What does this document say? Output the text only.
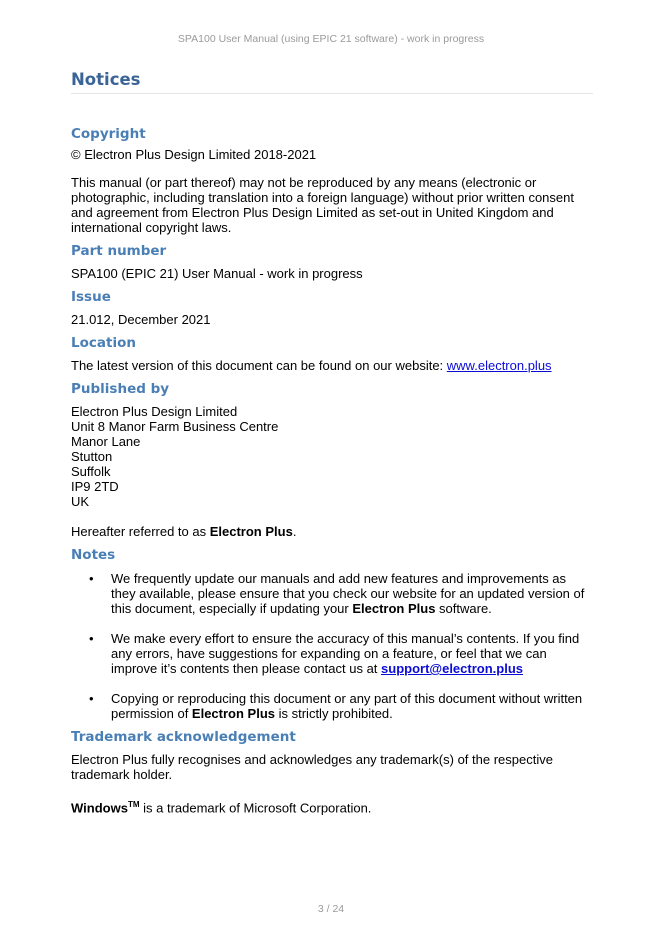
SPA100 User Manual (using EPIC 21 software) - work in progress
Notices
Copyright

© Electron Plus Design Limited 2018-2021

This manual (or part thereof) may not be reproduced by any means (electronic or photographic, including translation into a foreign language) without prior written consent and agreement from Electron Plus Design Limited as set-out in United Kingdom and international copyright laws.

Part number

SPA100 (EPIC 21) User Manual - work in progress

Issue

21.012, December 2021

Location

The latest version of this document can be found on our website: www.electron.plus

Published by

Electron Plus Design Limited

Unit 8 Manor Farm Business Centre

Manor Lane

Stutton

Suffolk

IP9 2TD

UK

Hereafter referred to as Electron Plus.

Notes
• We frequently update our manuals and add new features and improvements as they available, please ensure that you check our website for an updated version of this document, especially if updating your Electron Plus software.
• We make every effort to ensure the accuracy of this manual’s contents. If you find any errors, have suggestions for expanding on a feature, or feel that we can improve it’s contents then please contact us at support@electron.plus
• Copying or reproducing this document or any part of this document without written permission of Electron Plus is strictly prohibited.
Trademark acknowledgement

Electron Plus fully recognises and acknowledges any trademark(s) of the respective trademark holder.

Windows™ is a trademark of Microsoft Corporation.

3 / 24
